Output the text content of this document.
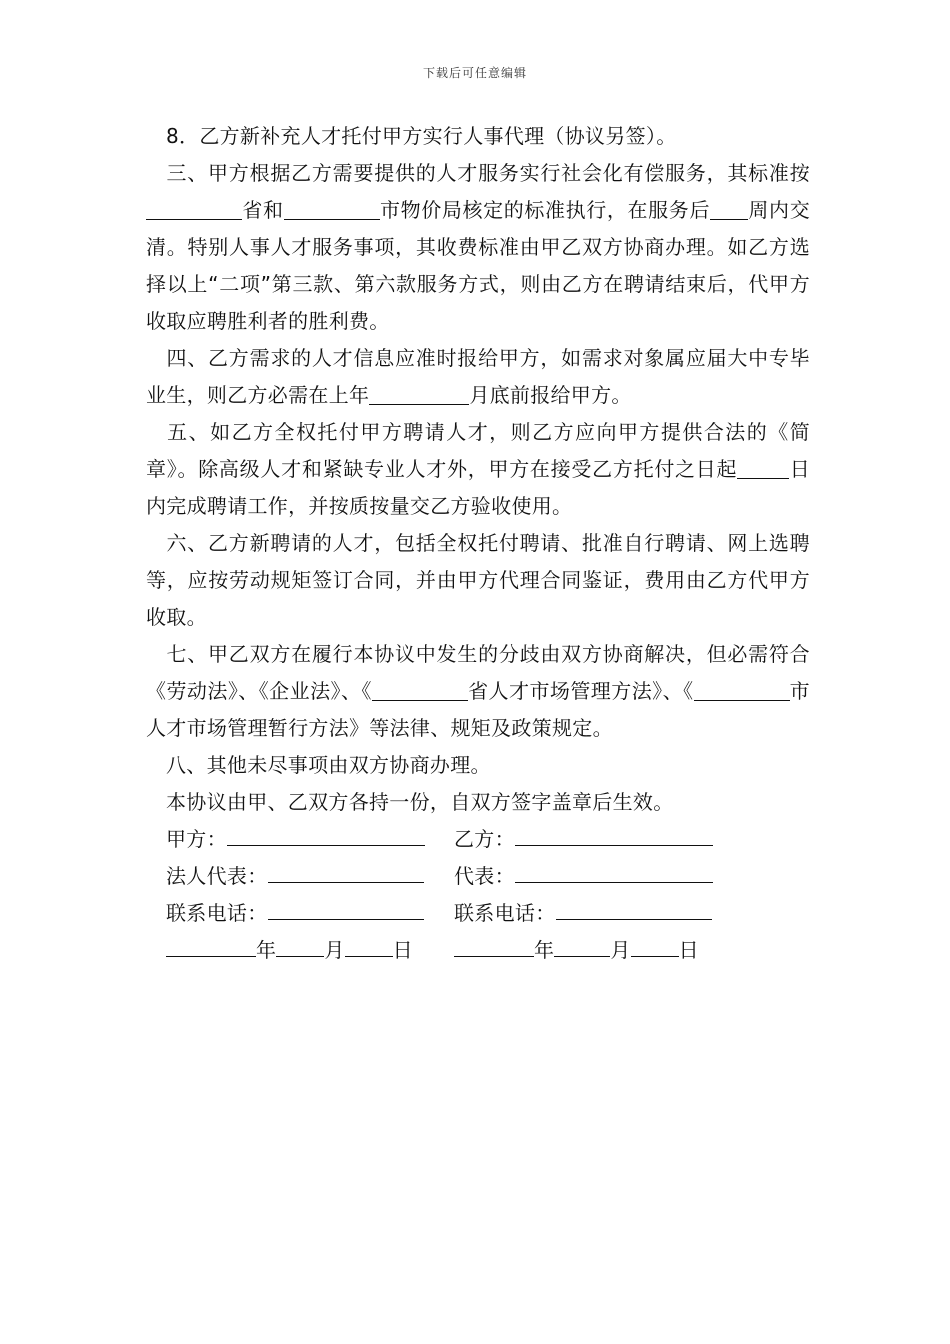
下载后可任意编辑

8．乙方新补充人才托付甲方实行人事代理（协议另签）。

三、甲方根据乙方需要提供的人才服务实行社会化有偿服务，其标准按省和	市物价局核定的标准执行，在服务后 周内交清。特别人事人才服务事项，其收费标准由甲乙双方协商办理。如乙方选择以上“二项”第三款、第六款服务方式，则由乙方在聘请结束后，代甲方收取应聘胜利者的胜利费。

四、乙方需求的人才信息应准时报给甲方，如需求对象属应届大中专毕业生，则乙方必需在上年	月底前报给甲方。

五、如乙方全权托付甲方聘请人才，则乙方应向甲方提供合法的《简章》。除高级人才和紧缺专业人才外，甲方在接受乙方托付之日起	日内完成聘请工作，并按质按量交乙方验收使用。

六、乙方新聘请的人才，包括全权托付聘请、批准自行聘请、网上选聘等，应按劳动规矩签订合同，并由甲方代理合同鉴证，费用由乙方代甲方收取。

七、甲乙双方在履行本协议中发生的分歧由双方协商解决，但必需符合《劳动法》、《企业法》、《	省人才市场管理方法》、《	市人才市场管理暂行方法》等法律、规矩及政策规定。

八、其他未尽事项由双方协商办理。

本协议由甲、乙双方各持一份，自双方签字盖章后生效。

甲方：	乙方：
法人代表：	代表：
联系电话：	联系电话：
年 月 日	年	月 日
